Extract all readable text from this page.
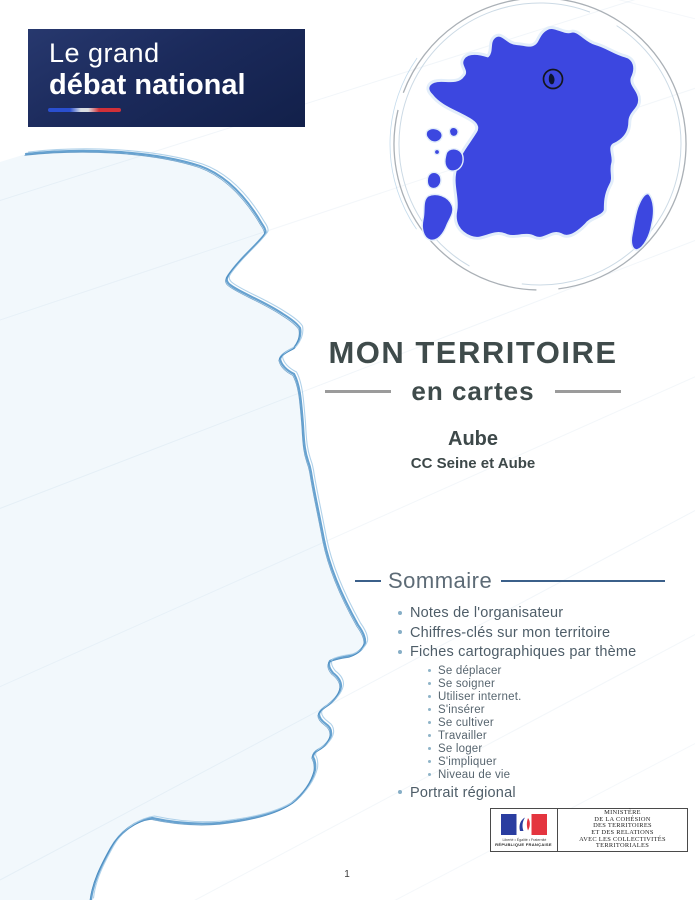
Le grand
débat national
MON TERRITOIRE
en cartes
Aube
CC Seine et Aube
Sommaire
Notes de l'organisateur
Chiffres-clés sur mon territoire
Fiches cartographiques par thème
Se déplacer
Se soigner
Utiliser internet.
S'insérer
Se cultiver
Travailler
Se loger
S'impliquer
Niveau de vie
Portrait régional
Liberté • Égalité • Fraternité
RÉPUBLIQUE FRANÇAISE
MINISTÈRE
DE LA COHÉSION
DES TERRITOIRES
ET DES RELATIONS
AVEC LES COLLECTIVITÉS
TERRITORIALES
1
